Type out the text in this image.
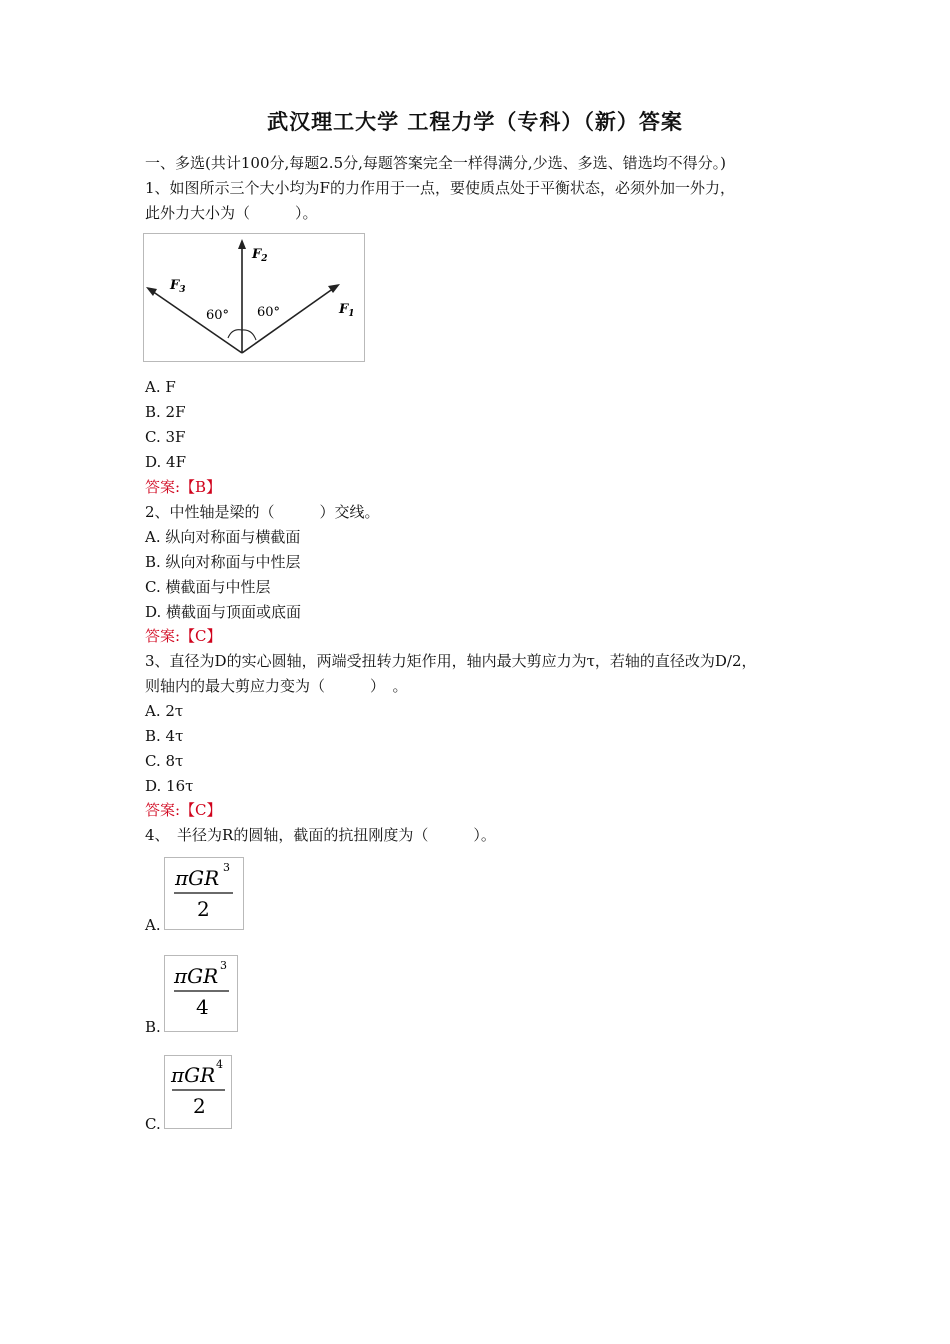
武汉理工大学 工程力学（专科）（新）答案
一、多选(共计100分,每题2.5分,每题答案完全一样得满分,少选、多选、错选均不得分。)
1、如图所示三个大小均为F的力作用于一点，要使质点处于平衡状态，必须外加一外力，
此外力大小为（　　　）。
$F_2$
$F_1$
$F_3$
60° 60°
A. F
B. 2F
C. 3F
D. 4F
答案:【B】
2、中性轴是梁的（　　　）交线。
A. 纵向对称面与横截面
B. 纵向对称面与中性层
C. 横截面与中性层
D. 横截面与顶面或底面
答案:【C】
3、直径为D的实心圆轴，两端受扭转力矩作用，轴内最大剪应力为τ，若轴的直径改为D/2，
则轴内的最大剪应力变为（　　　）　。
A. 2τ
B. 4τ
C. 8τ
D. 16τ
答案:【C】
4、　半径为R的圆轴，截面的抗扭刚度为（　　　）。
A.
πGR 3
2
B.
πGR 3
4
C.
πGR 4
2
